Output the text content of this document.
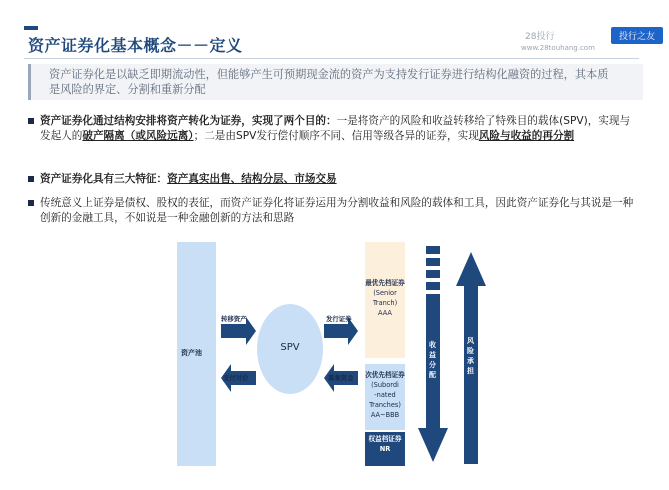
资产证券化基本概念－－定义	28投行	投行之友
www.28touhang.com
资产证券化是以缺乏即期流动性，但能够产生可预期现金流的资产为支持发行证券进行结构化融资的过程，其本质是风险的界定、分割和重新分配
资产证券化通过结构安排将资产转化为证券，实现了两个目的：一是将资产的风险和收益转移给了特殊目的载体(SPV)，实现与发起人的破产隔离（或风险远离）；二是由SPV发行偿付顺序不同、信用等级各异的证券，实现风险与收益的再分割
资产证券化具有三大特征：资产真实出售、结构分层、市场交易
传统意义上证券是债权、股权的表征，而资产证券化将证券运用为分割收益和风险的载体和工具，因此资产证券化与其说是一种创新的金融工具，不如说是一种金融创新的方法和思路
资产池	SPV
转移资产
支付对价
发行证券
募集资金
最优先档证券
(Senior
Tranch)
AAA
次优先档证券
(Subordi
-nated
Tranches)
AA~BBB
权益档证券
NR
收益分配
风险承担
